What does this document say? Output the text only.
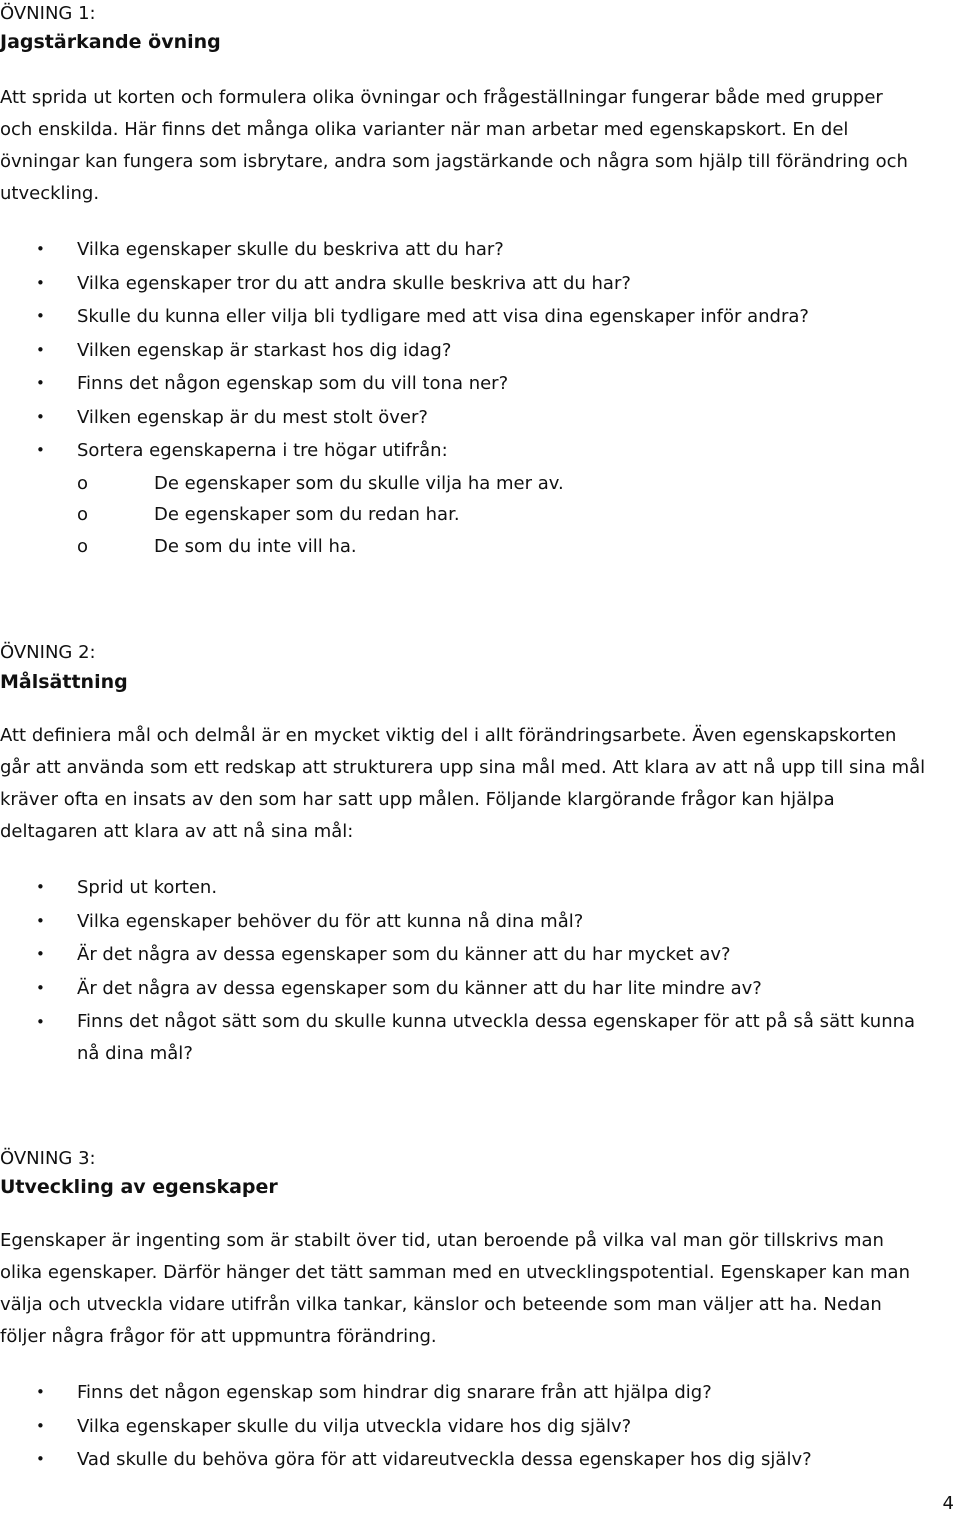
ÖVNING 1:
Jagstärkande övning

Att sprida ut korten och formulera olika övningar och frågeställningar fungerar både med grupper
och enskilda. Här finns det många olika varianter när man arbetar med egenskapskort. En del
övningar kan fungera som isbrytare, andra som jagstärkande och några som hjälp till förändring och
utveckling.

• Vilka egenskaper skulle du beskriva att du har?
• Vilka egenskaper tror du att andra skulle beskriva att du har?
• Skulle du kunna eller vilja bli tydligare med att visa dina egenskaper inför andra?
• Vilken egenskap är starkast hos dig idag?
• Finns det någon egenskap som du vill tona ner?
• Vilken egenskap är du mest stolt över?
• Sortera egenskaperna i tre högar utifrån:
o	De egenskaper som du skulle vilja ha mer av.
o	De egenskaper som du redan har.
o	De som du inte vill ha.
ÖVNING 2:
Målsättning

Att definiera mål och delmål är en mycket viktig del i allt förändringsarbete. Även egenskapskorten
går att använda som ett redskap att strukturera upp sina mål med. Att klara av att nå upp till sina mål
kräver ofta en insats av den som har satt upp målen. Följande klargörande frågor kan hjälpa
deltagaren att klara av att nå sina mål:

• Sprid ut korten.
• Vilka egenskaper behöver du för att kunna nå dina mål?
• Är det några av dessa egenskaper som du känner att du har mycket av?
• Är det några av dessa egenskaper som du känner att du har lite mindre av?
• Finns det något sätt som du skulle kunna utveckla dessa egenskaper för att på så sätt kunna
nå dina mål?
ÖVNING 3:
Utveckling av egenskaper

Egenskaper är ingenting som är stabilt över tid, utan beroende på vilka val man gör tillskrivs man
olika egenskaper. Därför hänger det tätt samman med en utvecklingspotential. Egenskaper kan man
välja och utveckla vidare utifrån vilka tankar, känslor och beteende som man väljer att ha. Nedan
följer några frågor för att uppmuntra förändring.

• Finns det någon egenskap som hindrar dig snarare från att hjälpa dig?
• Vilka egenskaper skulle du vilja utveckla vidare hos dig själv?
• Vad skulle du behöva göra för att vidareutveckla dessa egenskaper hos dig själv?
4
